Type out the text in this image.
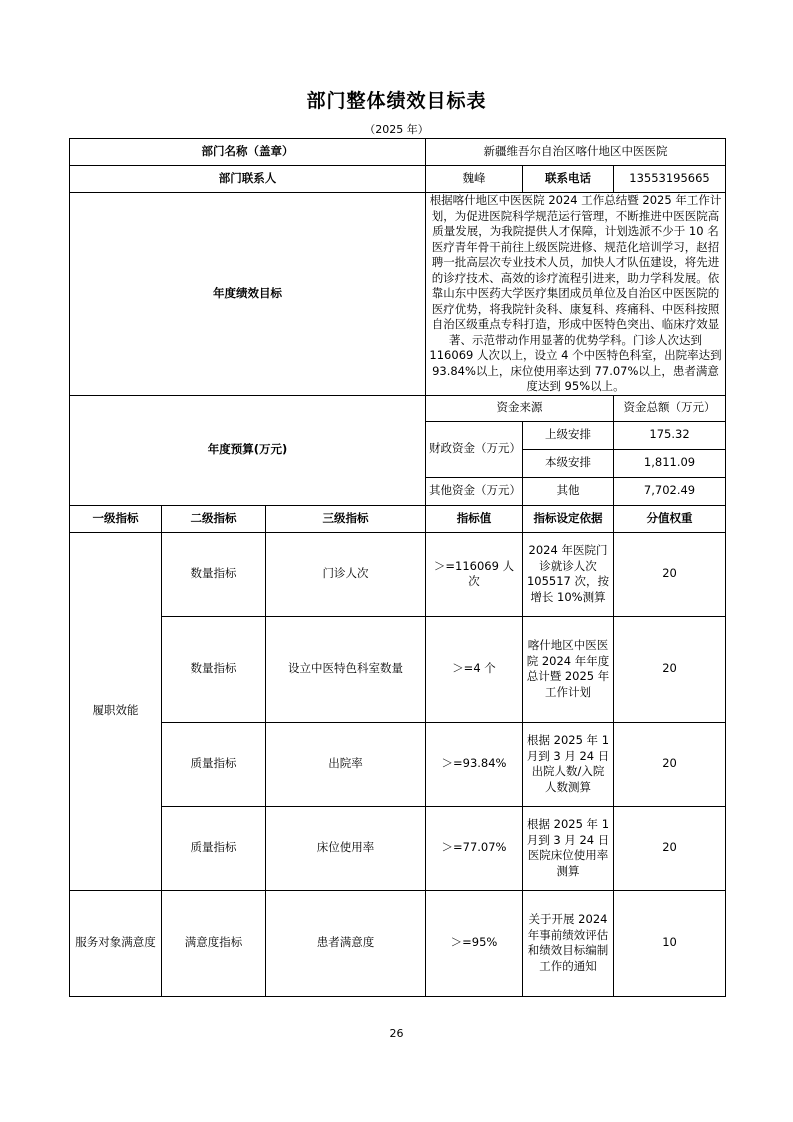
部门整体绩效目标表
（2025 年）
部门名称（盖章）			新疆维吾尔自治区喀什地区中医医院		
部门联系人			魏峰	联系电话	13553195665
年度绩效目标			根据喀什地区中医医院 2024 工作总结暨 2025 年工作计划，为促进医院科学规范运行管理，不断推进中医医院高质量发展，为我院提供人才保障，计划选派不少于 10 名医疗青年骨干前往上级医院进修、规范化培训学习，赵招聘一批高层次专业技术人员，加快人才队伍建设，将先进的诊疗技术、高效的诊疗流程引进来，助力学科发展。依靠山东中医药大学医疗集团成员单位及自治区中医医院的医疗优势，将我院针灸科、康复科、疼痛科、中医科按照自治区级重点专科打造，形成中医特色突出、临床疗效显著、示范带动作用显著的优势学科。门诊人次达到 116069 人次以上，设立 4 个中医特色科室，出院率达到 93.84%以上，床位使用率达到 77.07%以上，患者满意度达到 95%以上。		
年度预算(万元)			资金来源		资金总额（万元）
			财政资金（万元）	上级安排	175.32
				本级安排	1,811.09
			其他资金（万元）	其他	7,702.49
一级指标	二级指标	三级指标	指标值	指标设定依据	分值权重
履职效能	数量指标	门诊人次	＞=116069 人次	2024 年医院门诊就诊人次 105517 次，按增长 10%测算	20
	数量指标	设立中医特色科室数量	＞=4 个	喀什地区中医医院 2024 年年度总计暨 2025 年工作计划	20
	质量指标	出院率	＞=93.84%	根据 2025 年 1 月到 3 月 24 日出院人数/入院人数测算	20
	质量指标	床位使用率	＞=77.07%	根据 2025 年 1 月到 3 月 24 日医院床位使用率测算	20
服务对象满意度	满意度指标	患者满意度	＞=95%	关于开展 2024 年事前绩效评估和绩效目标编制工作的通知	10
26
